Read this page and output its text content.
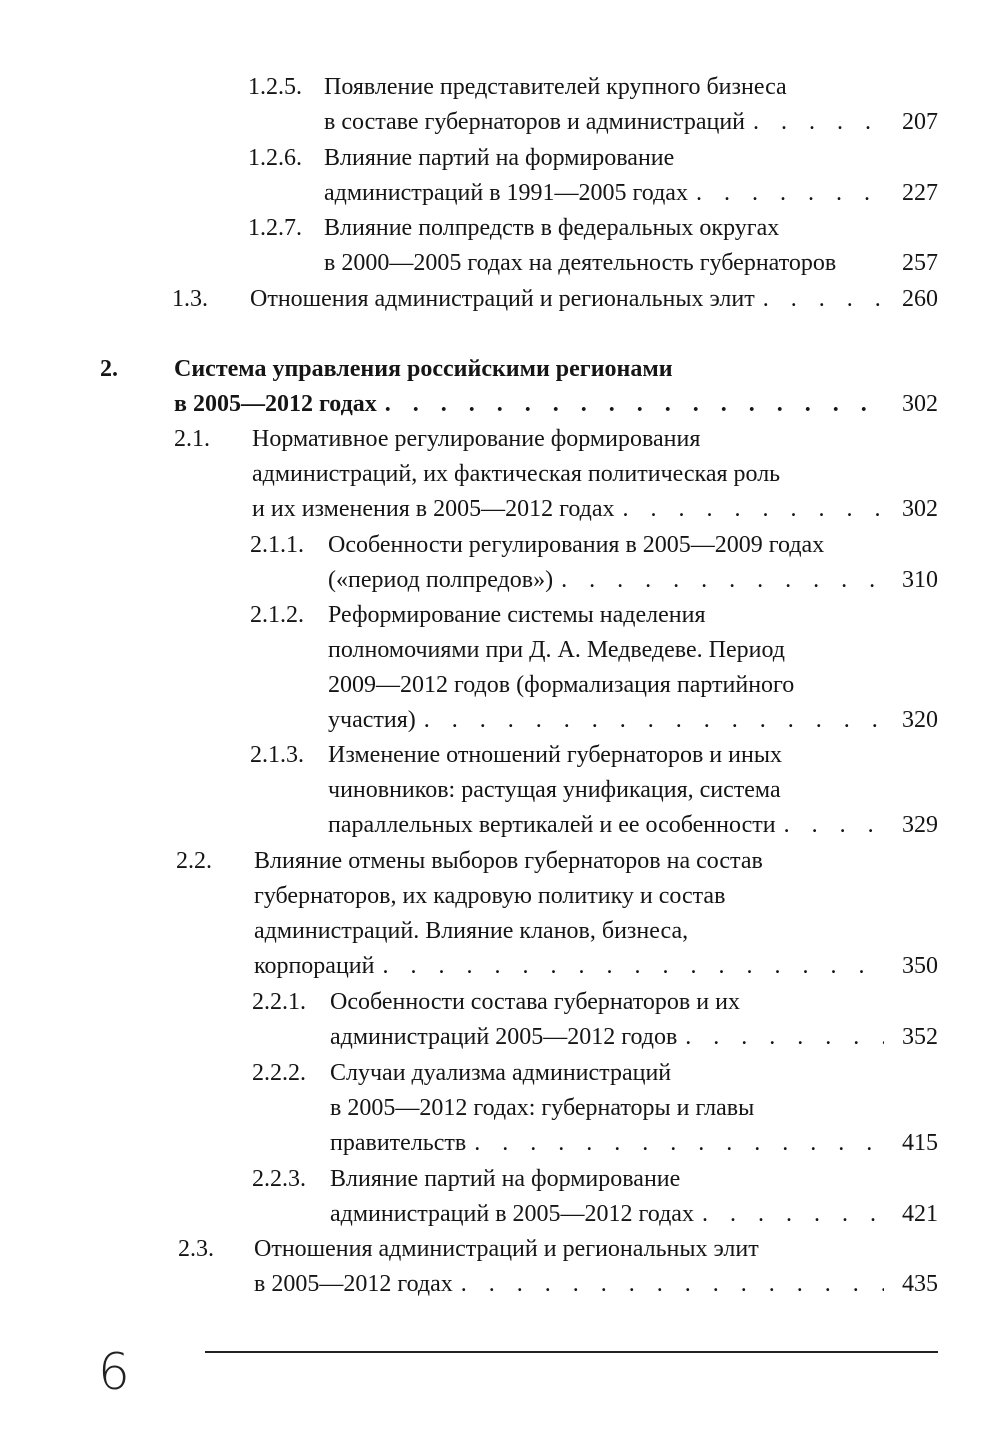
1.2.5. Появление представителей крупного бизнеса
в составе губернаторов и администраций . . .	207
1.2.6. Влияние партий на формирование
администраций в 1991—2005 годах . . .	227
1.2.7. Влияние полпредств в федеральных округах
в 2000—2005 годах на деятельность губернаторов	257
1.3. Отношения администраций и региональных элит . . .	260
2. Система управления российскими регионами
в 2005—2012 годах . . .	302
2.1. Нормативное регулирование формирования
администраций, их фактическая политическая роль
и их изменения в 2005—2012 годах . . .	302
2.1.1. Особенности регулирования в 2005—2009 годах
(«период полпредов») . . .	310
2.1.2. Реформирование системы наделения
полномочиями при Д. А. Медведеве. Период
2009—2012 годов (формализация партийного
участия) . . .	320
2.1.3. Изменение отношений губернаторов и иных
чиновников: растущая унификация, система
параллельных вертикалей и ее особенности . . .	329
2.2. Влияние отмены выборов губернаторов на состав
губернаторов, их кадровую политику и состав
администраций. Влияние кланов, бизнеса,
корпораций . . .	350
2.2.1. Особенности состава губернаторов и их
администраций 2005—2012 годов . . .	352
2.2.2. Случаи дуализма администраций
в 2005—2012 годах: губернаторы и главы
правительств . . .	415
2.2.3. Влияние партий на формирование
администраций в 2005—2012 годах . . .	421
2.3. Отношения администраций и региональных элит
в 2005—2012 годах . . .	435
6
